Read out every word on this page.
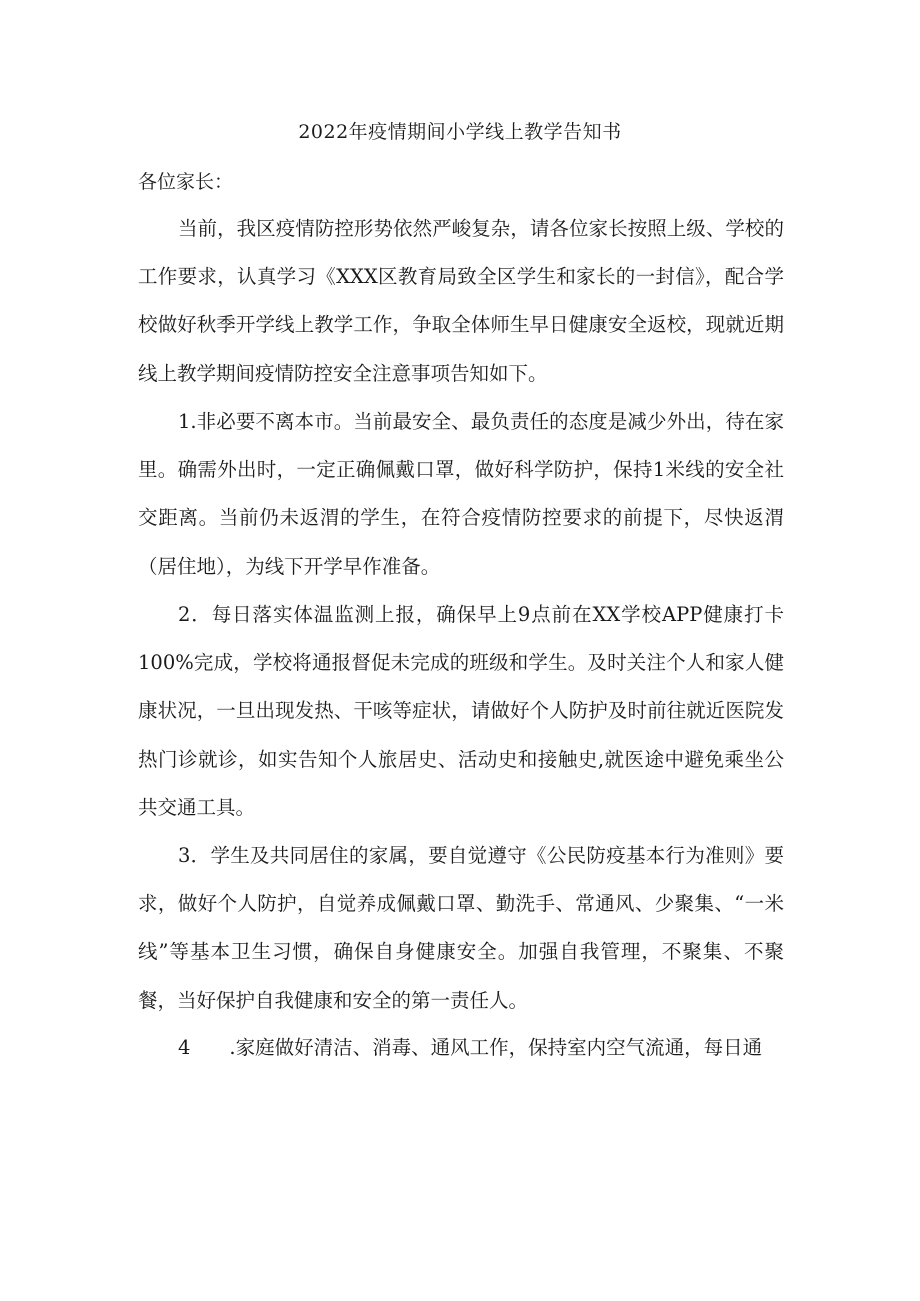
2022年疫情期间小学线上教学告知书
各位家长：

当前，我区疫情防控形势依然严峻复杂，请各位家长按照上级、学校的工作要求，认真学习《XXX区教育局致全区学生和家长的一封信》，配合学校做好秋季开学线上教学工作，争取全体师生早日健康安全返校，现就近期线上教学期间疫情防控安全注意事项告知如下。

1.非必要不离本市。当前最安全、最负责任的态度是减少外出，待在家里。确需外出时，一定正确佩戴口罩，做好科学防护，保持1米线的安全社交距离。当前仍未返渭的学生，在符合疫情防控要求的前提下，尽快返渭（居住地），为线下开学早作准备。

2．每日落实体温监测上报，确保早上9点前在XX学校APP健康打卡100%完成，学校将通报督促未完成的班级和学生。及时关注个人和家人健康状况，一旦出现发热、干咳等症状，请做好个人防护及时前往就近医院发热门诊就诊，如实告知个人旅居史、活动史和接触史,就医途中避免乘坐公共交通工具。

3．学生及共同居住的家属，要自觉遵守《公民防疫基本行为准则》要求，做好个人防护，自觉养成佩戴口罩、勤洗手、常通风、少聚集、“一米线”等基本卫生习惯，确保自身健康安全。加强自我管理，不聚集、不聚餐，当好保护自我健康和安全的第一责任人。

4　　.家庭做好清洁、消毒、通风工作，保持室内空气流通，每日通
